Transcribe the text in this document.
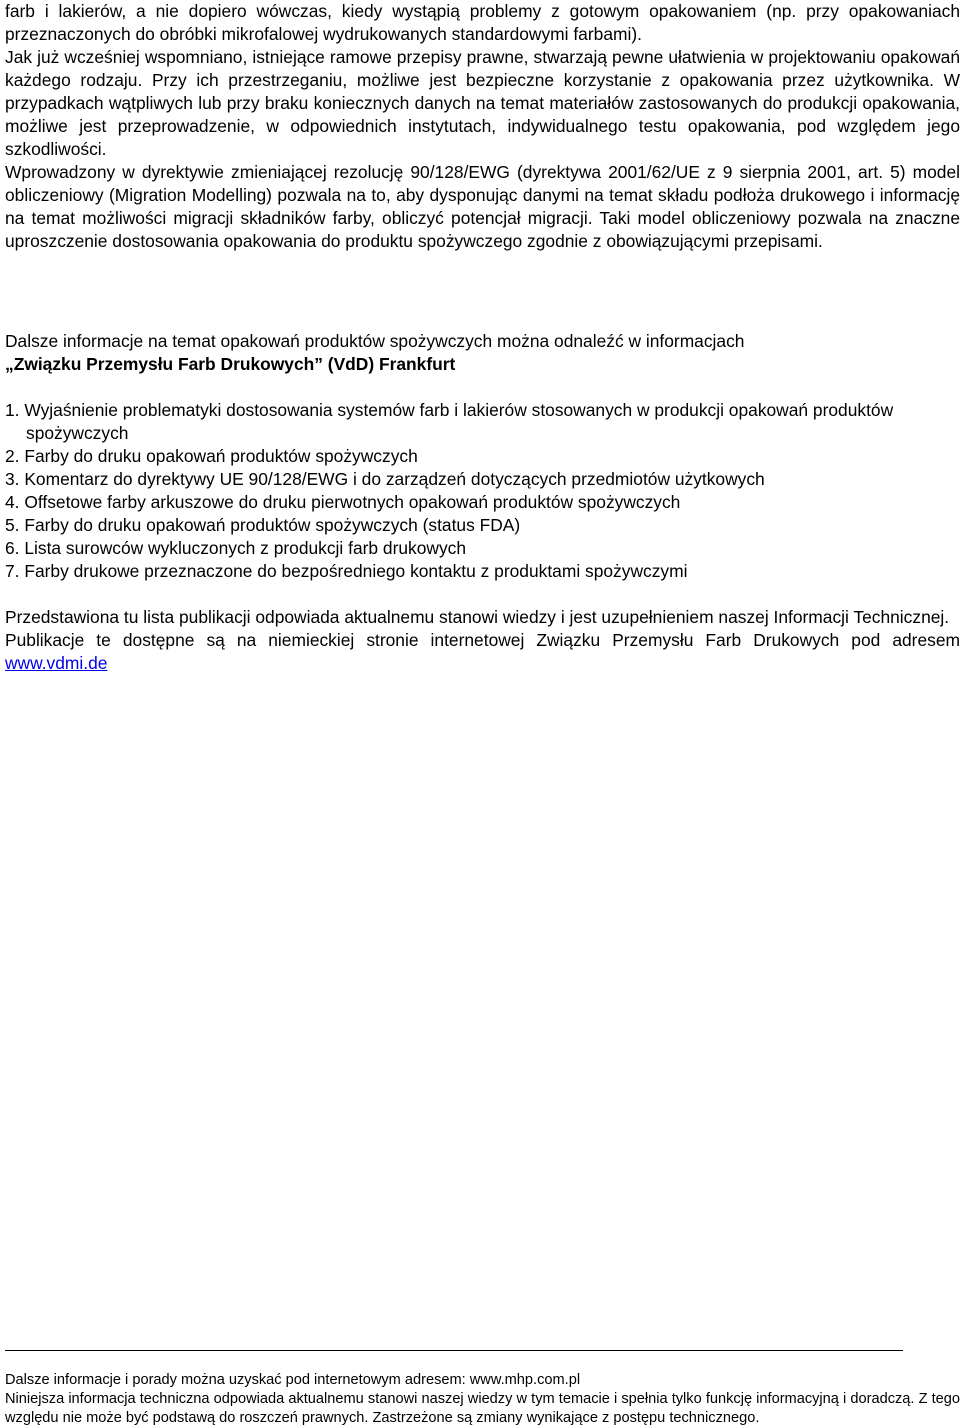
farb i lakierów, a nie dopiero wówczas, kiedy wystąpią problemy z gotowym opakowaniem (np. przy opakowaniach przeznaczonych do obróbki mikrofalowej wydrukowanych standardowymi farbami).

Jak już wcześniej wspomniano, istniejące ramowe przepisy prawne, stwarzają pewne ułatwienia w projektowaniu opakowań każdego rodzaju. Przy ich przestrzeganiu, możliwe jest bezpieczne korzystanie z opakowania przez użytkownika. W przypadkach wątpliwych lub przy braku koniecznych danych na temat materiałów zastosowanych do produkcji opakowania, możliwe jest przeprowadzenie, w odpowiednich instytutach, indywidualnego testu opakowania, pod względem jego szkodliwości.

Wprowadzony w dyrektywie zmieniającej rezolucję 90/128/EWG (dyrektywa 2001/62/UE z 9 sierpnia 2001, art. 5) model obliczeniowy (Migration Modelling) pozwala na to, aby dysponując danymi na temat składu podłoża drukowego i informację na temat możliwości migracji składników farby, obliczyć potencjał migracji. Taki model obliczeniowy pozwala na znaczne uproszczenie dostosowania opakowania do produktu spożywczego zgodnie z obowiązującymi przepisami.

Dalsze informacje na temat opakowań produktów spożywczych można odnaleźć w informacjach

„Związku Przemysłu Farb Drukowych” (VdD) Frankfurt

1. Wyjaśnienie problematyki dostosowania systemów farb i lakierów stosowanych w produkcji opakowań produktów spożywczych
2. Farby do druku opakowań produktów spożywczych
3. Komentarz do dyrektywy UE 90/128/EWG i do zarządzeń dotyczących przedmiotów użytkowych
4. Offsetowe farby arkuszowe do druku pierwotnych opakowań produktów spożywczych
5. Farby do druku opakowań produktów spożywczych (status FDA)
6. Lista surowców wykluczonych z produkcji farb drukowych
7. Farby drukowe przeznaczone do bezpośredniego kontaktu z produktami spożywczymi

Przedstawiona tu lista publikacji odpowiada aktualnemu stanowi wiedzy i jest uzupełnieniem naszej Informacji Technicznej.

Publikacje te dostępne są na niemieckiej stronie internetowej Związku Przemysłu Farb Drukowych pod adresem www.vdmi.de

Dalsze informacje i porady można uzyskać pod internetowym adresem: www.mhp.com.pl

Niniejsza informacja techniczna odpowiada aktualnemu stanowi naszej wiedzy w tym temacie i spełnia tylko funkcję informacyjną i doradczą. Z tego względu nie może być podstawą do roszczeń prawnych. Zastrzeżone są zmiany wynikające z postępu technicznego.
